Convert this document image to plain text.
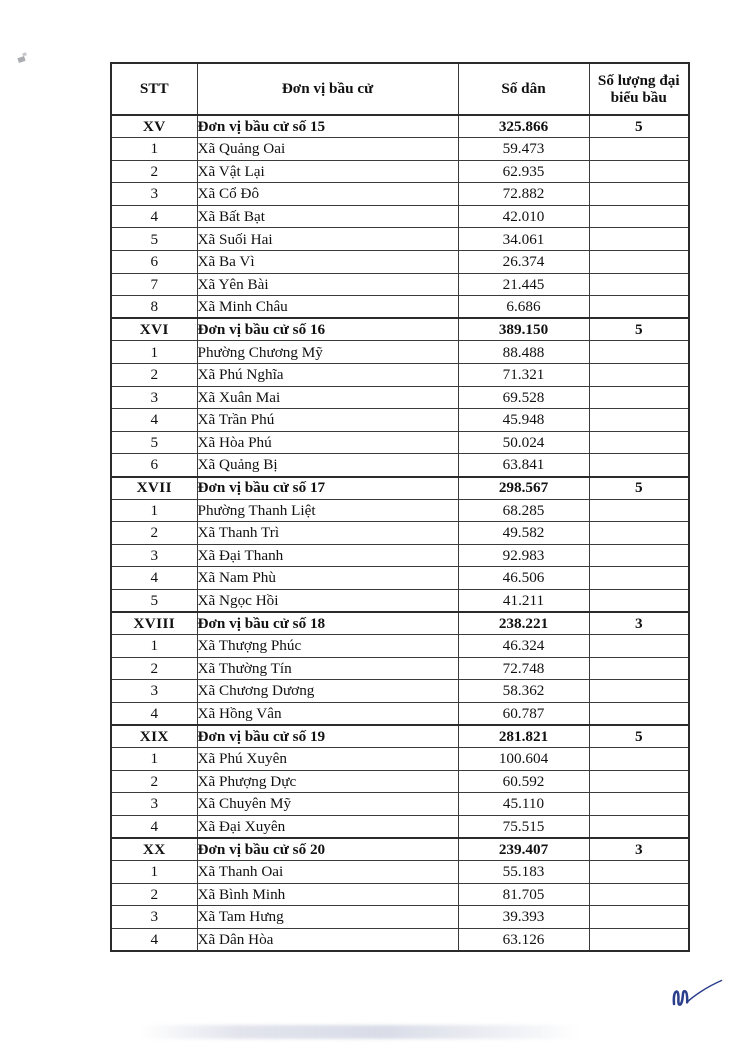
STT	Đơn vị bầu cử	Số dân	Số lượng đại biểu bầu
XV	Đơn vị bầu cử số 15	325.866	5
1	Xã Quảng Oai	59.473	
2	Xã Vật Lại	62.935	
3	Xã Cổ Đô	72.882	
4	Xã Bất Bạt	42.010	
5	Xã Suối Hai	34.061	
6	Xã Ba Vì	26.374	
7	Xã Yên Bài	21.445	
8	Xã Minh Châu	6.686	
XVI	Đơn vị bầu cử số 16	389.150	5
1	Phường Chương Mỹ	88.488	
2	Xã Phú Nghĩa	71.321	
3	Xã Xuân Mai	69.528	
4	Xã Trần Phú	45.948	
5	Xã Hòa Phú	50.024	
6	Xã Quảng Bị	63.841	
XVII	Đơn vị bầu cử số 17	298.567	5
1	Phường Thanh Liệt	68.285	
2	Xã Thanh Trì	49.582	
3	Xã Đại Thanh	92.983	
4	Xã Nam Phù	46.506	
5	Xã Ngọc Hồi	41.211	
XVIII	Đơn vị bầu cử số 18	238.221	3
1	Xã Thượng Phúc	46.324	
2	Xã Thường Tín	72.748	
3	Xã Chương Dương	58.362	
4	Xã Hồng Vân	60.787	
XIX	Đơn vị bầu cử số 19	281.821	5
1	Xã Phú Xuyên	100.604	
2	Xã Phượng Dực	60.592	
3	Xã Chuyên Mỹ	45.110	
4	Xã Đại Xuyên	75.515	
XX	Đơn vị bầu cử số 20	239.407	3
1	Xã Thanh Oai	55.183	
2	Xã Bình Minh	81.705	
3	Xã Tam Hưng	39.393	
4	Xã Dân Hòa	63.126	
